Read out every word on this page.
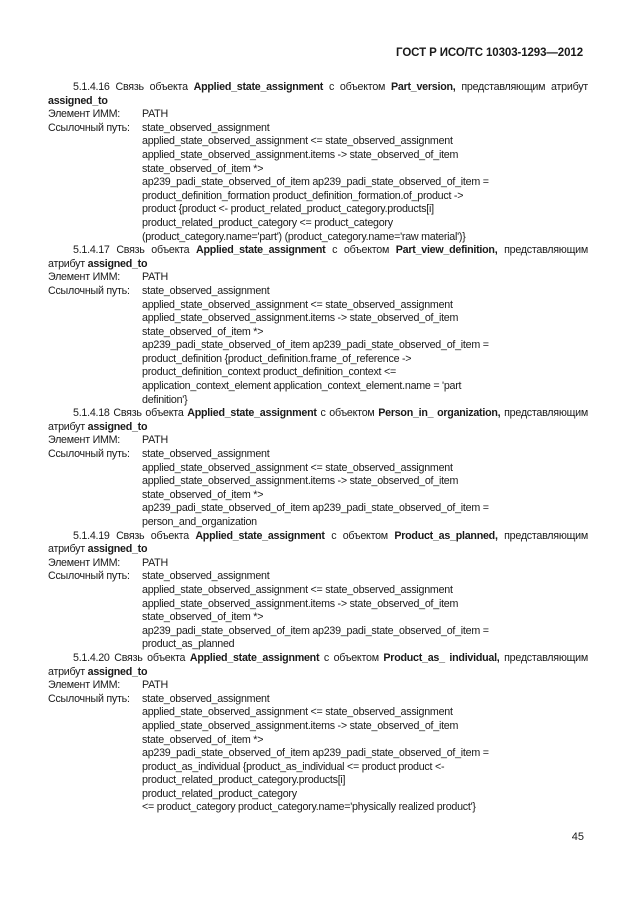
ГОСТ Р ИСО/ТС 10303-1293—2012
5.1.4.16 Связь объекта Applied_state_assignment с объектом Part_version, представляющим атрибут assigned_to
Элемент ИММ:	PATH
Ссылочный путь:	state_observed_assignment
applied_state_observed_assignment <= state_observed_assignment
applied_state_observed_assignment.items -> state_observed_of_item
state_observed_of_item *>
ap239_padi_state_observed_of_item ap239_padi_state_observed_of_item =
product_definition_formation product_definition_formation.of_product ->
product {product <- product_related_product_category.products[i]
product_related_product_category <= product_category
(product_category.name='part') (product_category.name='raw material')}
5.1.4.17 Связь объекта Applied_state_assignment с объектом Part_view_definition, представляющим атрибут assigned_to
Элемент ИММ:	PATH
Ссылочный путь:	state_observed_assignment
applied_state_observed_assignment <= state_observed_assignment
applied_state_observed_assignment.items -> state_observed_of_item
state_observed_of_item *>
ap239_padi_state_observed_of_item ap239_padi_state_observed_of_item =
product_definition {product_definition.frame_of_reference ->
product_definition_context product_definition_context <=
application_context_element application_context_element.name = 'part
definition'}
5.1.4.18 Связь объекта Applied_state_assignment с объектом Person_in_ organization, представляющим атрибут assigned_to
Элемент ИММ:	PATH
Ссылочный путь:	state_observed_assignment
applied_state_observed_assignment <= state_observed_assignment
applied_state_observed_assignment.items -> state_observed_of_item
state_observed_of_item *>
ap239_padi_state_observed_of_item ap239_padi_state_observed_of_item =
person_and_organization
5.1.4.19 Связь объекта Applied_state_assignment с объектом Product_as_planned, представляющим атрибут assigned_to
Элемент ИММ:	PATH
Ссылочный путь:	state_observed_assignment
applied_state_observed_assignment <= state_observed_assignment
applied_state_observed_assignment.items -> state_observed_of_item
state_observed_of_item *>
ap239_padi_state_observed_of_item ap239_padi_state_observed_of_item =
product_as_planned
5.1.4.20 Связь объекта Applied_state_assignment с объектом Product_as_ individual, представляющим атрибут assigned_to
Элемент ИММ:	PATH
Ссылочный путь:	state_observed_assignment
applied_state_observed_assignment <= state_observed_assignment
applied_state_observed_assignment.items -> state_observed_of_item
state_observed_of_item *>
ap239_padi_state_observed_of_item ap239_padi_state_observed_of_item =
product_as_individual {product_as_individual <= product product <-
product_related_product_category.products[i]
product_related_product_category
<= product_category product_category.name='physically realized product'}
45
